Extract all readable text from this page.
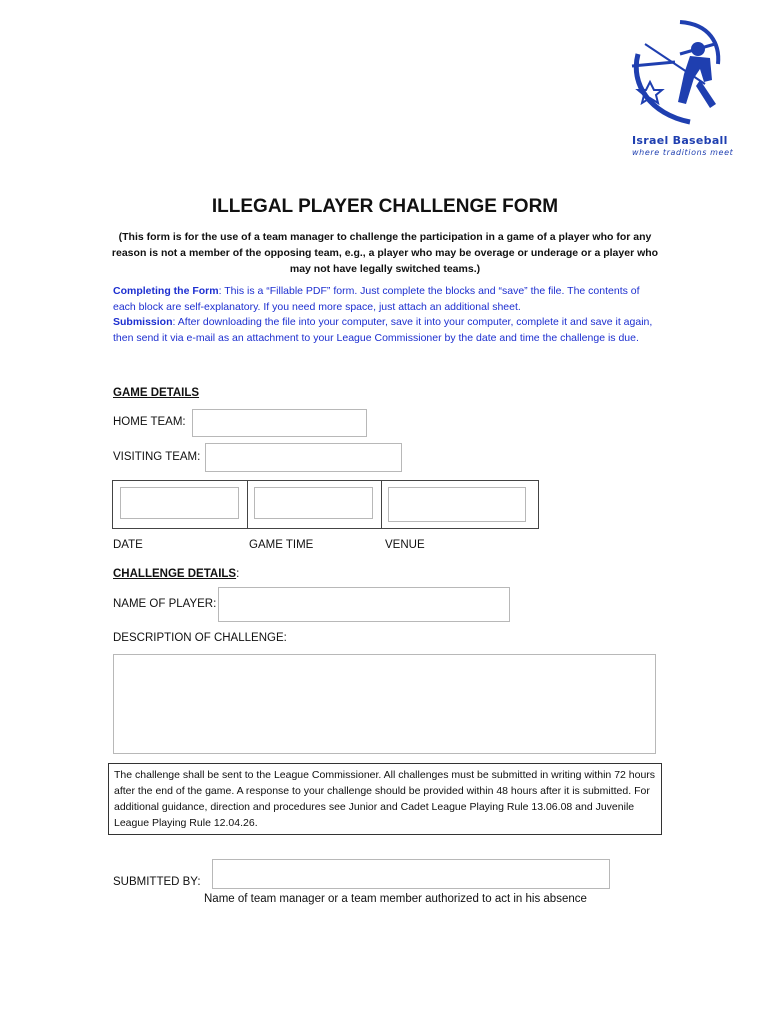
Israel Baseball
where traditions meet
ILLEGAL PLAYER CHALLENGE FORM
(This form is for the use of a team manager to challenge the participation in a game of a player who for any reason is not a member of the opposing team, e.g., a player who may be overage or underage or a player who may not have legally switched teams.)
Completing the Form: This is a “Fillable PDF” form. Just complete the blocks and “save” the file. The contents of each block are self-explanatory. If you need more space, just attach an additional sheet.
Submission: After downloading the file into your computer, save it into your computer, complete it and save it again, then send it via e-mail as an attachment to your League Commissioner by the date and time the challenge is due.
GAME DETAILS
HOME TEAM:
VISITING TEAM:
DATE	GAME TIME	VENUE
CHALLENGE DETAILS:
NAME OF PLAYER:
DESCRIPTION OF CHALLENGE:
The challenge shall be sent to the League Commissioner. All challenges must be submitted in writing within 72 hours after the end of the game. A response to your challenge should be provided within 48 hours after it is submitted. For additional guidance, direction and procedures see Junior and Cadet League Playing Rule 13.06.08 and Juvenile League Playing Rule 12.04.26.
SUBMITTED BY:
Name of team manager or a team member authorized to act in his absence
